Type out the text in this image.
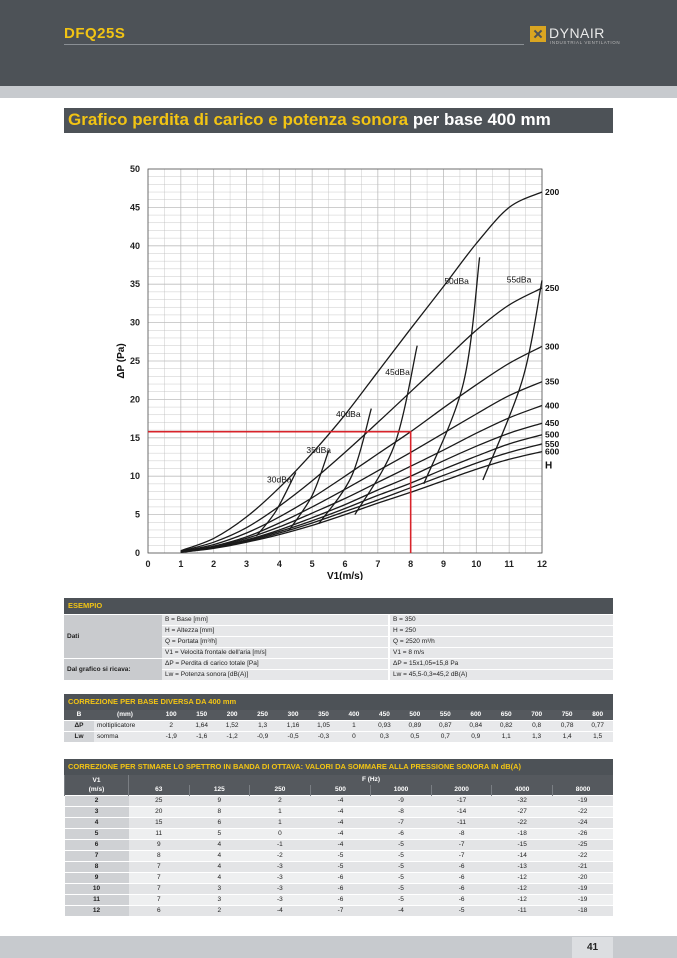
DFQ25S	DYNAIR
INDUSTRIAL VENTILATION
Grafico perdita di carico e potenza sonora per base 400 mm
0	1	2	3	4	5	6	7	8	9	10	11	12
0
5
10
15
20
25
30
35
40
45
50
V1(m/s)
ΔP (Pa)
200
250
300
350
400
450
500
550
600
H
30dBa
35dBa
40dBa
45dBa
50dBa	55dBa
ESEMPIO
Dati	B = Base [mm]	B = 350
	H = Altezza [mm]	H = 250
	Q = Portata [m³/h]	Q = 2520 m³/h
	V1 = Velocità frontale dell'aria [m/s]	V1 = 8 m/s
Dal grafico si ricava:	ΔP = Perdita di carico totale [Pa]	ΔP = 15x1,05=15,8 Pa
	Lw = Potenza sonora [dB(A)]	Lw = 45,5-0,3=45,2 dB(A)
CORREZIONE PER BASE DIVERSA DA 400 mm
B	(mm)	100	150	200	250	300	350	400	450	500	550	600	650	700	750	800
ΔP	moltiplicatore	2	1,64	1,52	1,3	1,16	1,05	1	0,93	0,89	0,87	0,84	0,82	0,8	0,78	0,77
Lw	somma	-1,9	-1,6	-1,2	-0,9	-0,5	-0,3	0	0,3	0,5	0,7	0,9	1,1	1,3	1,4	1,5
CORREZIONE PER STIMARE LO SPETTRO IN BANDA DI OTTAVA: VALORI DA SOMMARE ALLA PRESSIONE SONORA IN dB(A)
V1
(m/s)	F (Hz)							
	63	125	250	500	1000	2000	4000	8000
2	25	9	2	-4	-9	-17	-32	-19
3	20	8	1	-4	-8	-14	-27	-22
4	15	6	1	-4	-7	-11	-22	-24
5	11	5	0	-4	-6	-8	-18	-26
6	9	4	-1	-4	-5	-7	-15	-25
7	8	4	-2	-5	-5	-7	-14	-22
8	7	4	-3	-5	-5	-6	-13	-21
9	7	4	-3	-6	-5	-6	-12	-20
10	7	3	-3	-6	-5	-6	-12	-19
11	7	3	-3	-6	-5	-6	-12	-19
12	6	2	-4	-7	-4	-5	-11	-18
41
